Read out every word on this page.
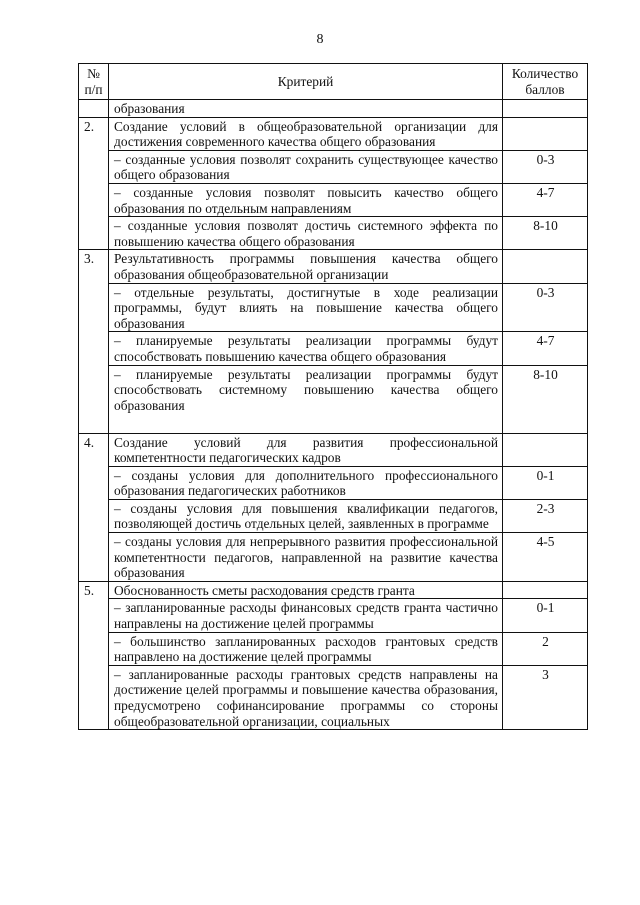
8
№ п/п	Критерий	Количество баллов
	образования	
2.	Создание условий в общеобразовательной организации для достижения современного качества общего образования	
	– созданные условия позволят сохранить существующее качество общего образования	0-3
	– созданные условия позволят повысить качество общего образования по отдельным направлениям	4-7
	– созданные условия позволят достичь системного эффекта по повышению качества общего образования	8-10
3.	Результативность программы повышения качества общего образования общеобразовательной организации	
	– отдельные результаты, достигнутые в ходе реализации программы, будут влиять на повышение качества общего образования	0-3
	– планируемые результаты реализации программы будут способствовать повышению качества общего образования	4-7
	– планируемые результаты реализации программы будут способствовать системному повышению качества общего образования	8-10
4.	Создание условий для развития профессиональной компетентности педагогических кадров	
	– созданы условия для дополнительного профессионального образования педагогических работников	0-1
	– созданы условия для повышения квалификации педагогов, позволяющей достичь отдельных целей, заявленных в программе	2-3
	– созданы условия для непрерывного развития профессиональной компетентности педагогов, направленной на развитие качества образования	4-5
5.	Обоснованность сметы расходования средств гранта	
	– запланированные расходы финансовых средств гранта частично направлены на достижение целей программы	0-1
	– большинство запланированных расходов грантовых средств направлено на достижение целей программы	2
	– запланированные расходы грантовых средств направлены на достижение целей программы и повышение качества образования, предусмотрено софинансирование программы со стороны общеобразовательной организации, социальных	3
